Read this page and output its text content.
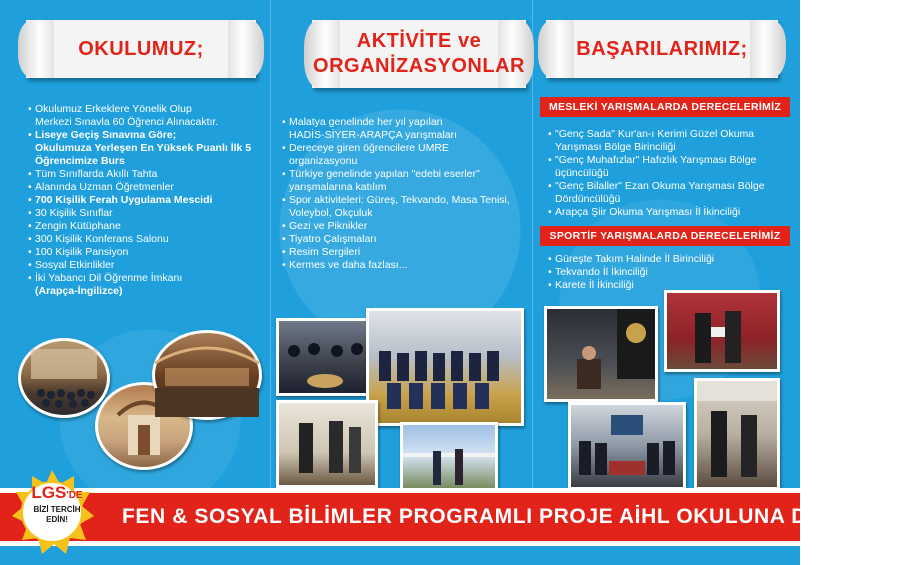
OKULUMUZ;
• Okulumuz Erkeklere Yönelik Olup
Merkezi Sınavla 60 Öğrenci Alınacaktır.
• Liseye Geçiş Sınavına Göre;
Okulumuza Yerleşen En Yüksek Puanlı İlk 5 Öğrencimize Burs
• Tüm Sınıflarda Akıllı Tahta
• Alanında Uzman Öğretmenler
• 700 Kişilik Ferah Uygulama Mescidi
• 30 Kişilik Sınıflar
• Zengin Kütüphane
• 300 Kişilik Konferans Salonu
• 100 Kişilik Pansiyon
• Sosyal Etkinlikler
• İki Yabancı Dil Öğrenme İmkanı
(Arapça-İngilizce)
AKTİVİTE ve
ORGANİZASYONLAR
• Malatya genelinde her yıl yapılan
HADİS-SİYER-ARAPÇA yarışmaları
• Dereceye giren öğrencilere UMRE
organizasyonu
• Türkiye genelinde yapılan "edebi eserler"
yarışmalarına katılım
• Spor aktiviteleri: Güreş, Tekvando, Masa Tenisi,
Voleybol, Okçuluk
• Gezi ve Piknikler
• Tiyatro Çalışmaları
• Resim Sergileri
• Kermes ve daha fazlası...
BAŞARILARIMIZ;
MESLEKİ YARIŞMALARDA DERECELERİMİZ
• "Genç Sada" Kur'an-ı Kerimi Güzel Okuma
Yarışması Bölge Birinciliği
• "Genç Muhafızlar" Hafızlık Yarışması Bölge
üçüncülüğü
• "Genç Bilaller" Ezan Okuma Yarışması Bölge
Dördüncülüğü
• Arapça Şiir Okuma Yarışması İl İkinciliği
SPORTİF YARIŞMALARDA DERECELERİMİZ
• Güreşte Takım Halinde İl Birinciliği
• Tekvando İl İkinciliği
• Karete İl İkinciliği
FEN & SOSYAL BİLİMLER PROGRAMLI PROJE AİHL OKULUNA DÖNÜŞTÜ
LGS'DE
BİZİ TERCİH
EDİN!
